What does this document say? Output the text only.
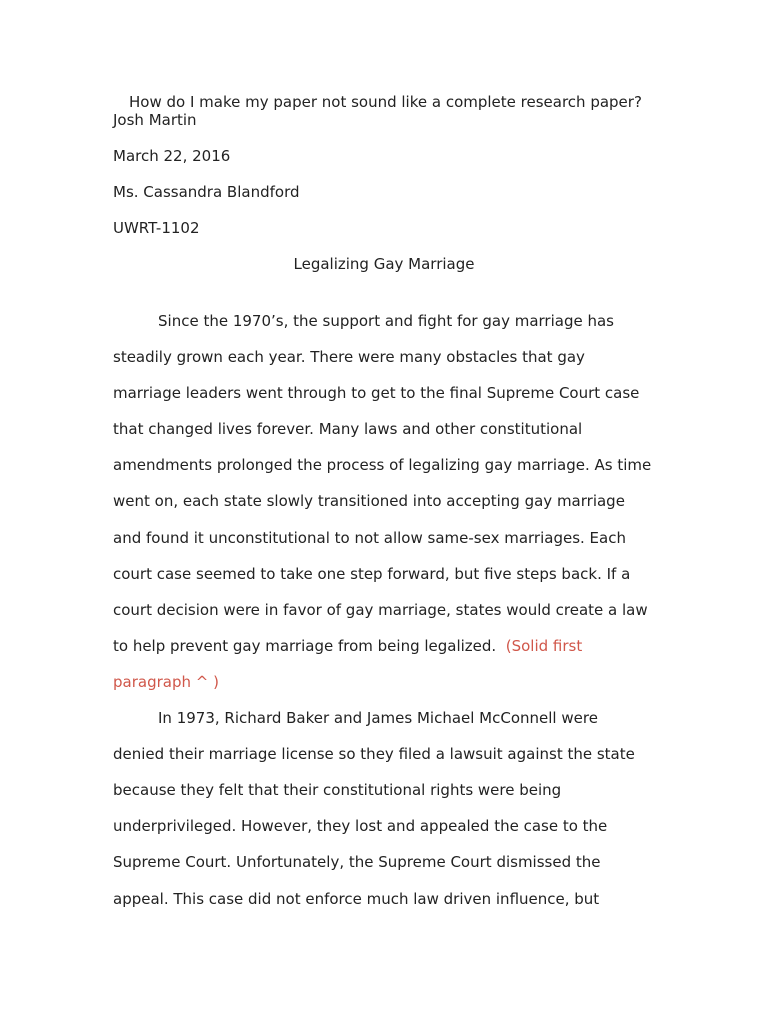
How do I make my paper not sound like a complete research paper?
Josh Martin
March 22, 2016
Ms. Cassandra Blandford
UWRT-1102
Legalizing Gay Marriage
Since the 1970’s, the support and fight for gay marriage has
steadily grown each year. There were many obstacles that gay
marriage leaders went through to get to the final Supreme Court case
that changed lives forever. Many laws and other constitutional
amendments prolonged the process of legalizing gay marriage. As time
went on, each state slowly transitioned into accepting gay marriage
and found it unconstitutional to not allow same-sex marriages. Each
court case seemed to take one step forward, but five steps back. If a
court decision were in favor of gay marriage, states would create a law
to help prevent gay marriage from being legalized. (Solid first
paragraph ^ )
In 1973, Richard Baker and James Michael McConnell were
denied their marriage license so they filed a lawsuit against the state
because they felt that their constitutional rights were being
underprivileged. However, they lost and appealed the case to the
Supreme Court. Unfortunately, the Supreme Court dismissed the
appeal. This case did not enforce much law driven influence, but
